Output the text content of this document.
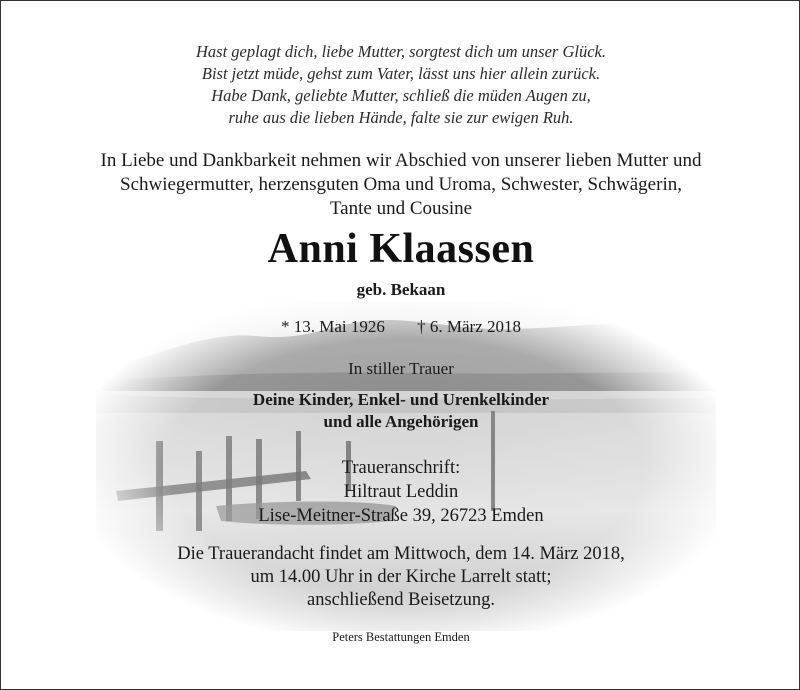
Hast geplagt dich, liebe Mutter, sorgtest dich um unser Glück.
Bist jetzt müde, gehst zum Vater, lässt uns hier allein zurück.
Habe Dank, geliebte Mutter, schließ die müden Augen zu,
ruhe aus die lieben Hände, falte sie zur ewigen Ruh.
In Liebe und Dankbarkeit nehmen wir Abschied von unserer lieben Mutter und
Schwiegermutter, herzensguten Oma und Uroma, Schwester, Schwägerin,
Tante und Cousine
Anni Klaassen
geb. Bekaan
* 13. Mai 1926 † 6. März 2018
In stiller Trauer
Deine Kinder, Enkel- und Urenkelkinder
und alle Angehörigen
Traueranschrift:
Hiltraut Leddin
Lise-Meitner-Straße 39, 26723 Emden
Die Trauerandacht findet am Mittwoch, dem 14. März 2018,
um 14.00 Uhr in der Kirche Larrelt statt;
anschließend Beisetzung.
Peters Bestattungen Emden
